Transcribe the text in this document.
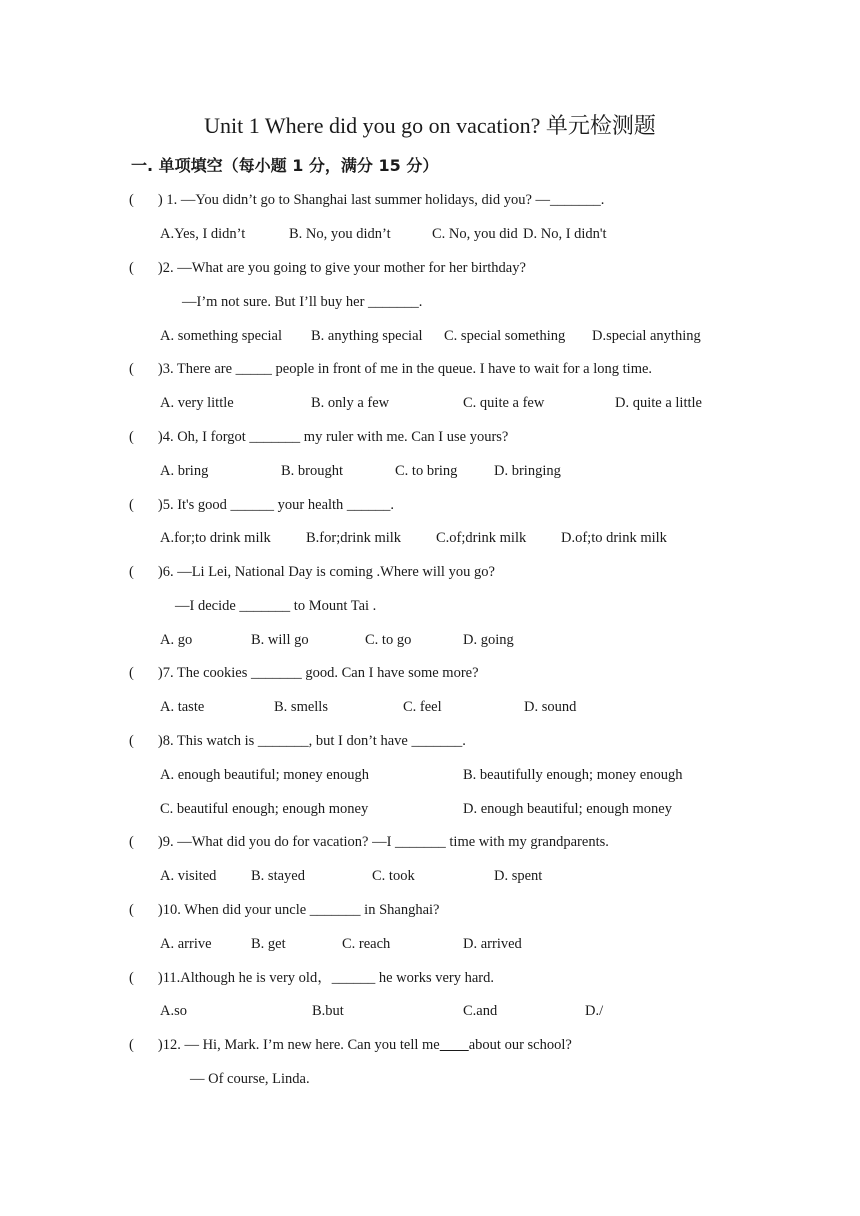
Unit 1 Where did you go on vacation? 单元检测题
一. 单项填空（每小题 1 分，满分 15 分）
( ) 1. —You didn’t go to Shanghai last summer holidays, did you? —_______.
A.Yes, I didn’t	B. No, you didn’t	C. No, you did D. No, I didn't
( )2. —What are you going to give your mother for her birthday?
—I’m not sure. But I’ll buy her _______.
A. something special B. anything special C. special something D.special anything
( )3. There are _____ people in front of me in the queue. I have to wait for a long time.
A. very little	B. only a few	C. quite a few	D. quite a little
( )4. Oh, I forgot _______ my ruler with me. Can I use yours?
A. bring	B. brought	C. to bring	D. bringing
( )5. It's good ______ your health ______.
A.for;to drink milk B.for;drink milk C.of;drink milk D.of;to drink milk
( )6. —Li Lei, National Day is coming .Where will you go?
—I decide _______ to Mount Tai .
A. go	B. will go	C. to go	D. going
( )7. The cookies _______ good. Can I have some more?
A. taste	B. smells	C. feel	D. sound
( )8. This watch is _______, but I don’t have _______.
A. enough beautiful; money enough	B. beautifully enough; money enough
C. beautiful enough; enough money	D. enough beautiful; enough money
( )9. —What did you do for vacation? —I _______ time with my grandparents.
A. visited B. stayed	C. took	D. spent
( )10. When did your uncle _______ in Shanghai?
A. arrive	B. get	C. reach	D. arrived
( )11.Although he is very old，______ he works very hard.
A.so	B.but	C.and	D./
( )12. — Hi, Mark. I’m new here. Can you tell me about our school?
— Of course, Linda.
